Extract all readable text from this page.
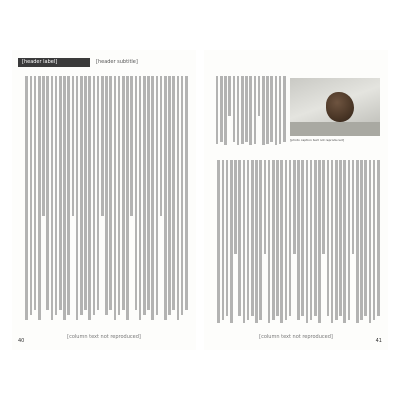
[header label]	[header subtitle]
[column text not reproduced]
40
[photo caption text not reproduced]
[column text not reproduced]
41
